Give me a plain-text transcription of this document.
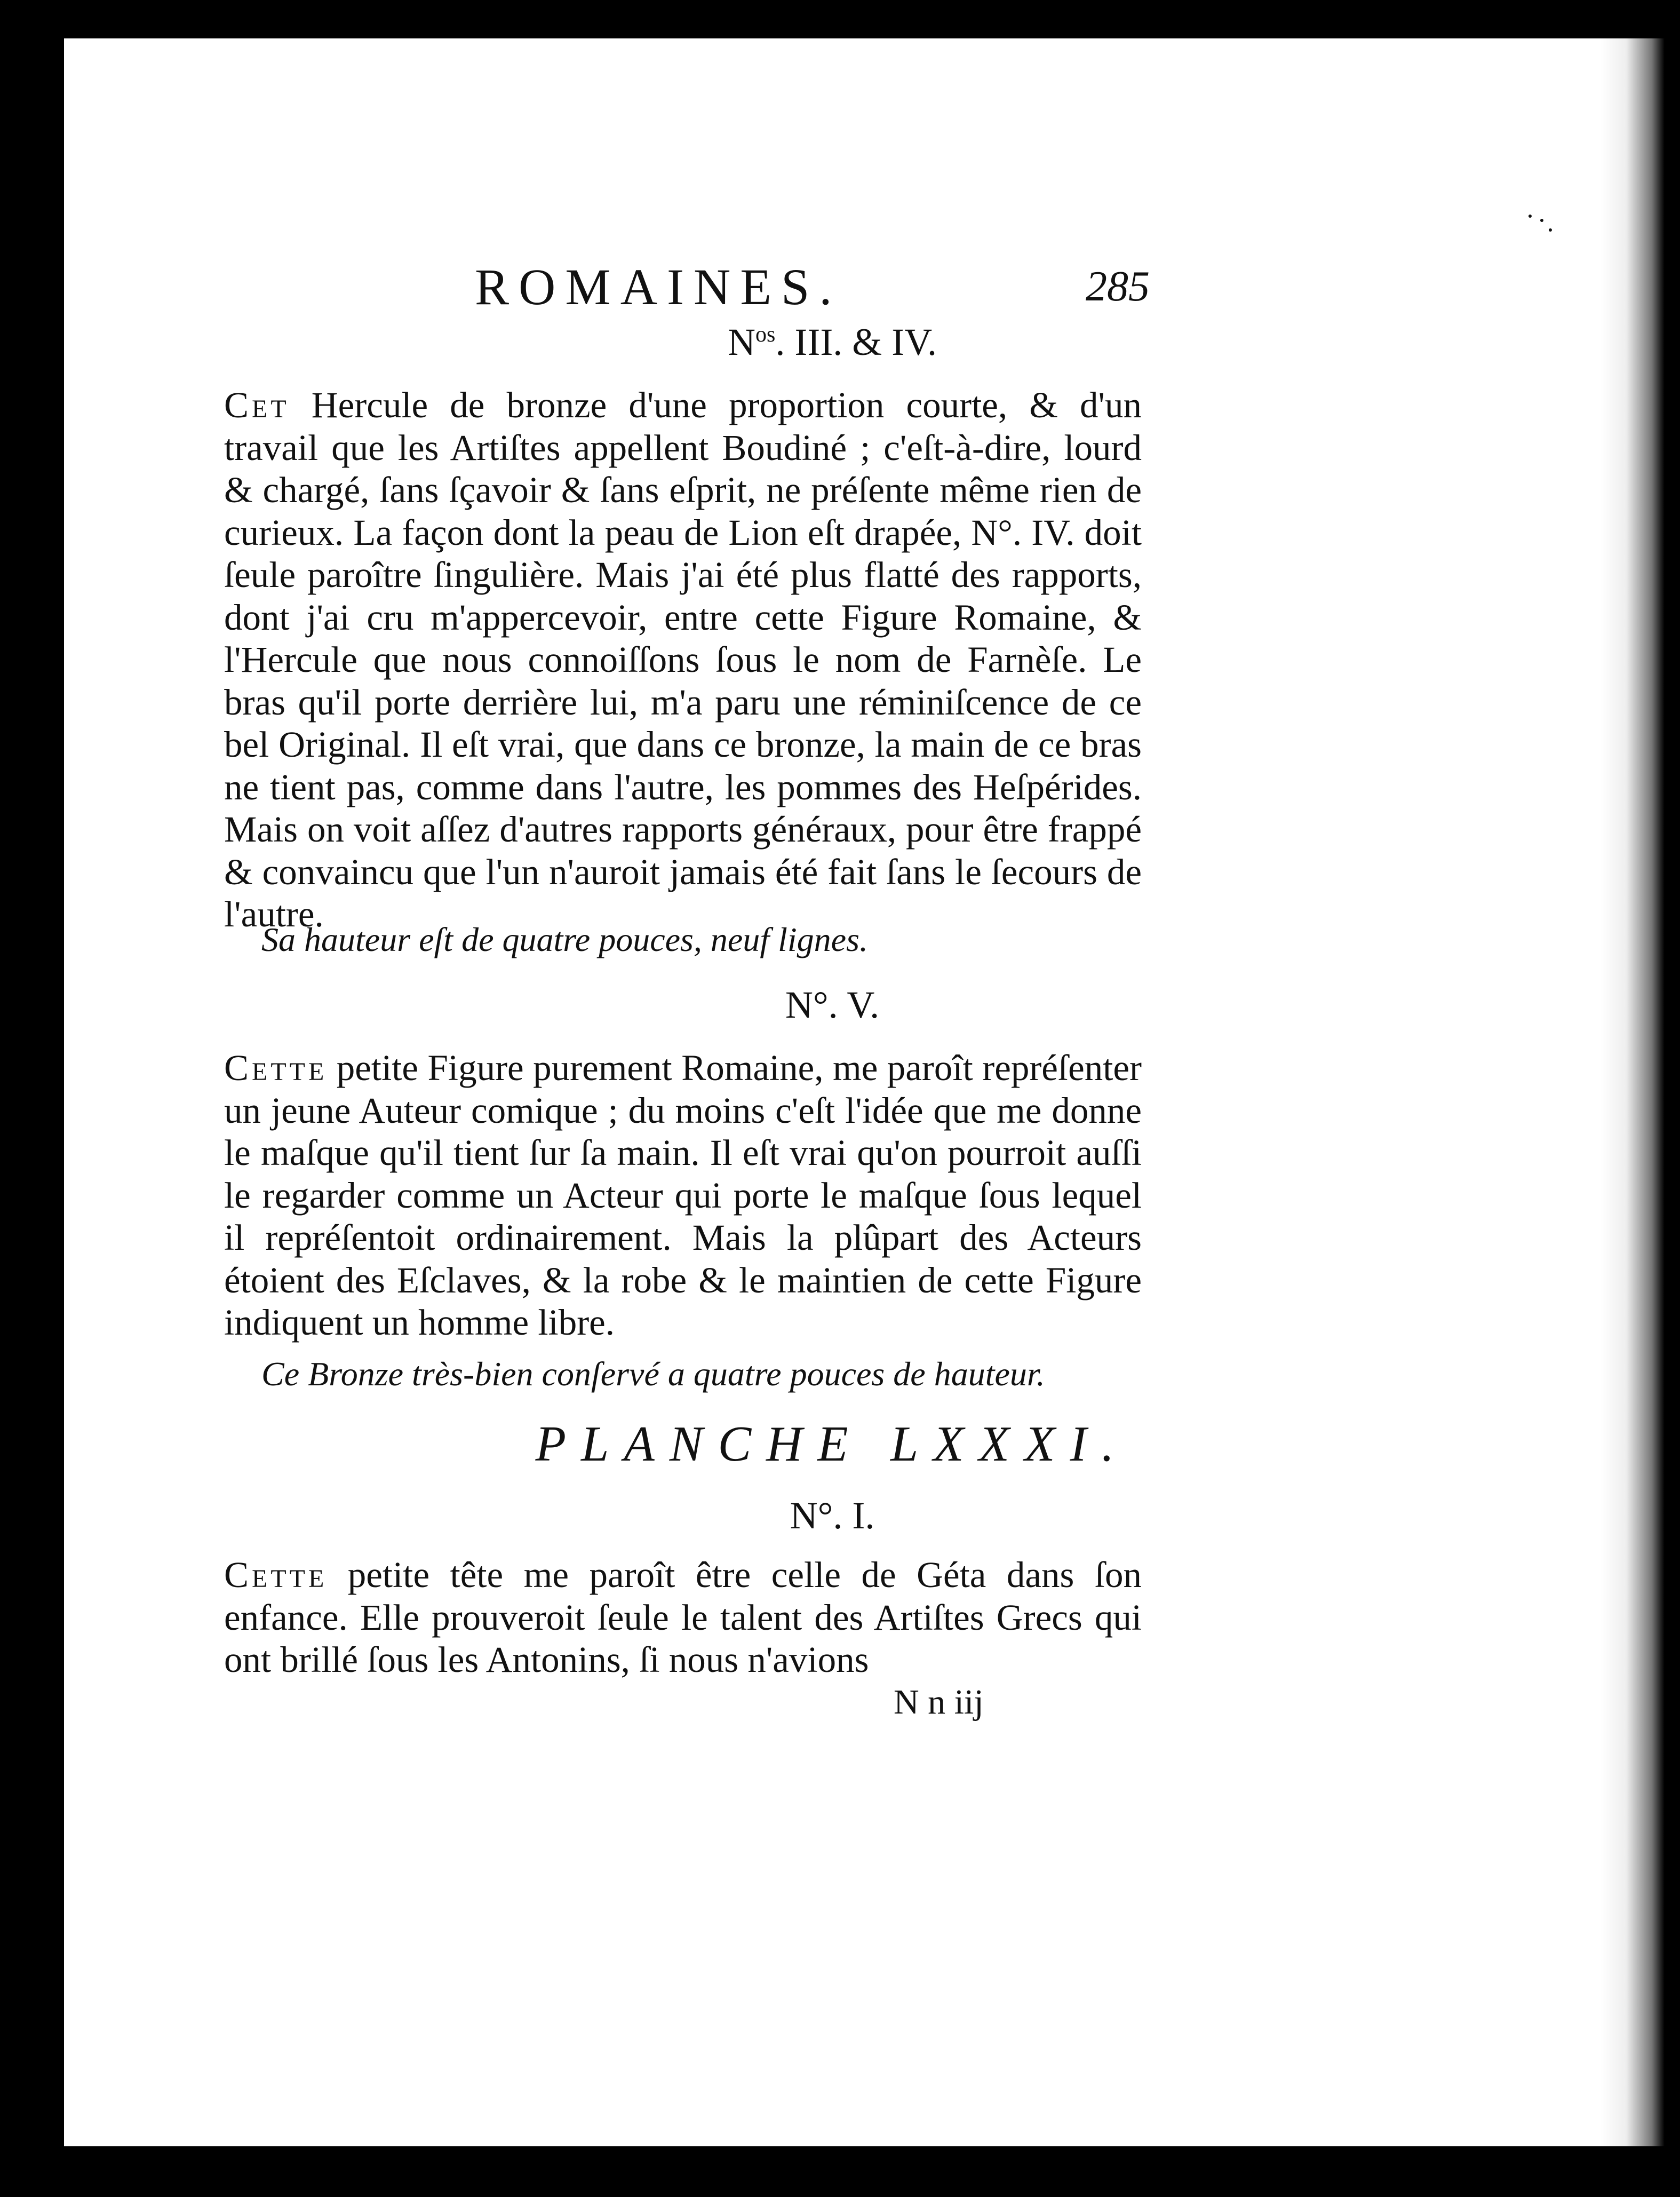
ROMAINES.	285
$N^{os}$. III. & IV.

Cet Hercule de bronze d'une proportion courte, & d'un travail que les Artiſtes appellent Boudiné ; c'eſt-à-dire, lourd & chargé, ſans ſçavoir & ſans eſprit, ne préſente même rien de curieux. La façon dont la peau de Lion eſt drapée, N°. IV. doit ſeule paroître ſingulière. Mais j'ai été plus flatté des rapports, dont j'ai cru m'appercevoir, entre cette Figure Romaine, & l'Hercule que nous connoiſſons ſous le nom de Farnèſe. Le bras qu'il porte derrière lui, m'a paru une réminiſcence de ce bel Original. Il eſt vrai, que dans ce bronze, la main de ce bras ne tient pas, comme dans l'autre, les pommes des Heſpérides. Mais on voit aſſez d'autres rapports généraux, pour être frappé & convaincu que l'un n'auroit jamais été fait ſans le ſecours de l'autre.

Sa hauteur eſt de quatre pouces, neuf lignes.

N°. V.

Cette petite Figure purement Romaine, me paroît repréſenter un jeune Auteur comique ; du moins c'eſt l'idée que me donne le maſque qu'il tient ſur ſa main. Il eſt vrai qu'on pourroit auſſi le regarder comme un Acteur qui porte le maſque ſous lequel il repréſentoit ordinairement. Mais la plûpart des Acteurs étoient des Eſclaves, & la robe & le maintien de cette Figure indiquent un homme libre.

Ce Bronze très-bien conſervé a quatre pouces de hauteur.

PLANCHE LXXXI.
N°. I.

Cette petite tête me paroît être celle de Géta dans ſon enfance. Elle prouveroit ſeule le talent des Artiſtes Grecs qui ont brillé ſous les Antonins, ſi nous n'avions

N n iij
